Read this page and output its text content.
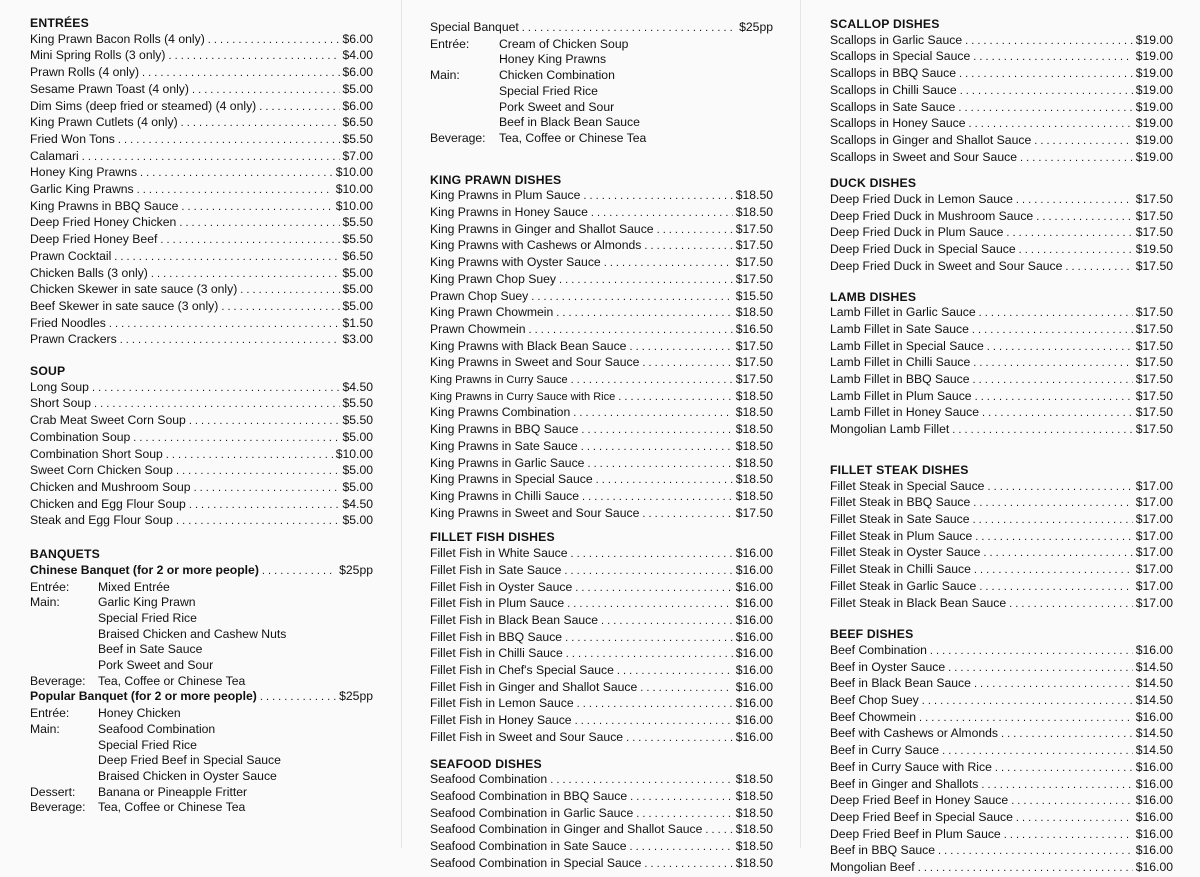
ENTRÉES
King Prawn Bacon Rolls (4 only) . . .	$6.00
Mini Spring Rolls (3 only) . . .	$4.00
Prawn Rolls (4 only) . . .	$6.00
Sesame Prawn Toast (4 only) . . .	$5.00
Dim Sims (deep fried or steamed) (4 only) . . .	$6.00
King Prawn Cutlets (4 only) . . .	$6.50
Fried Won Tons . . .	$5.50
Calamari . . .	$7.00
Honey King Prawns . . .	$10.00
Garlic King Prawns . . .	$10.00
King Prawns in BBQ Sauce . . .	$10.00
Deep Fried Honey Chicken . . .	$5.50
Deep Fried Honey Beef . . .	$5.50
Prawn Cocktail . . .	$6.50
Chicken Balls (3 only) . . .	$5.00
Chicken Skewer in sate sauce (3 only) . . .	$5.00
Beef Skewer in sate sauce (3 only) . . .	$5.00
Fried Noodles . . .	$1.50
Prawn Crackers . . .	$3.00
SOUP
Long Soup . . .	$4.50
Short Soup . . .	$5.50
Crab Meat Sweet Corn Soup . . .	$5.50
Combination Soup . . .	$5.00
Combination Short Soup . . .	$10.00
Sweet Corn Chicken Soup . . .	$5.00
Chicken and Mushroom Soup . . .	$5.00
Chicken and Egg Flour Soup . . .	$4.50
Steak and Egg Flour Soup . . .	$5.00
BANQUETS
Chinese Banquet (for 2 or more people) . . .	$25pp
Entrée:	Mixed Entrée
Main:	Garlic King Prawn
Special Fried Rice
Braised Chicken and Cashew Nuts
Beef in Sate Sauce
Pork Sweet and Sour
Beverage:	Tea, Coffee or Chinese Tea
Popular Banquet (for 2 or more people) . . .	$25pp
Entrée:	Honey Chicken
Main:	Seafood Combination
Special Fried Rice
Deep Fried Beef in Special Sauce
Braised Chicken in Oyster Sauce
Dessert:	Banana or Pineapple Fritter
Beverage:	Tea, Coffee or Chinese Tea
Special Banquet . . .	$25pp
Entrée:	Cream of Chicken Soup
Honey King Prawns
Main:	Chicken Combination
Special Fried Rice
Pork Sweet and Sour
Beef in Black Bean Sauce
Beverage:	Tea, Coffee or Chinese Tea
KING PRAWN DISHES
King Prawns in Plum Sauce . . .	$18.50
King Prawns in Honey Sauce . . .	$18.50
King Prawns in Ginger and Shallot Sauce . . .	$17.50
King Prawns with Cashews or Almonds . . .	$17.50
King Prawns with Oyster Sauce . . .	$17.50
King Prawn Chop Suey . . .	$17.50
Prawn Chop Suey . . .	$15.50
King Prawn Chowmein . . .	$18.50
Prawn Chowmein . . .	$16.50
King Prawns with Black Bean Sauce . . .	$17.50
King Prawns in Sweet and Sour Sauce . . .	$17.50
King Prawns in Curry Sauce . . .	$17.50
King Prawns in Curry Sauce with Rice . . .	$18.50
King Prawns Combination . . .	$18.50
King Prawns in BBQ Sauce . . .	$18.50
King Prawns in Sate Sauce . . .	$18.50
King Prawns in Garlic Sauce . . .	$18.50
King Prawns in Special Sauce . . .	$18.50
King Prawns in Chilli Sauce . . .	$18.50
King Prawns in Sweet and Sour Sauce . . .	$17.50
FILLET FISH DISHES
Fillet Fish in White Sauce . . .	$16.00
Fillet Fish in Sate Sauce . . .	$16.00
Fillet Fish in Oyster Sauce . . .	$16.00
Fillet Fish in Plum Sauce . . .	$16.00
Fillet Fish in Black Bean Sauce . . .	$16.00
Fillet Fish in BBQ Sauce . . .	$16.00
Fillet Fish in Chilli Sauce . . .	$16.00
Fillet Fish in Chef's Special Sauce . . .	$16.00
Fillet Fish in Ginger and Shallot Sauce . . .	$16.00
Fillet Fish in Lemon Sauce . . .	$16.00
Fillet Fish in Honey Sauce . . .	$16.00
Fillet Fish in Sweet and Sour Sauce . . .	$16.00
SEAFOOD DISHES
Seafood Combination . . .	$18.50
Seafood Combination in BBQ Sauce . . .	$18.50
Seafood Combination in Garlic Sauce . . .	$18.50
Seafood Combination in Ginger and Shallot Sauce . . .	$18.50
Seafood Combination in Sate Sauce . . .	$18.50
Seafood Combination in Special Sauce . . .	$18.50
SCALLOP DISHES
Scallops in Garlic Sauce . . .	$19.00
Scallops in Special Sauce . . .	$19.00
Scallops in BBQ Sauce . . .	$19.00
Scallops in Chilli Sauce . . .	$19.00
Scallops in Sate Sauce . . .	$19.00
Scallops in Honey Sauce . . .	$19.00
Scallops in Ginger and Shallot Sauce . . .	$19.00
Scallops in Sweet and Sour Sauce . . .	$19.00
DUCK DISHES
Deep Fried Duck in Lemon Sauce . . .	$17.50
Deep Fried Duck in Mushroom Sauce . . .	$17.50
Deep Fried Duck in Plum Sauce . . .	$17.50
Deep Fried Duck in Special Sauce . . .	$19.50
Deep Fried Duck in Sweet and Sour Sauce . . .	$17.50
LAMB DISHES
Lamb Fillet in Garlic Sauce . . .	$17.50
Lamb Fillet in Sate Sauce . . .	$17.50
Lamb Fillet in Special Sauce . . .	$17.50
Lamb Fillet in Chilli Sauce . . .	$17.50
Lamb Fillet in BBQ Sauce . . .	$17.50
Lamb Fillet in Plum Sauce . . .	$17.50
Lamb Fillet in Honey Sauce . . .	$17.50
Mongolian Lamb Fillet . . .	$17.50
FILLET STEAK DISHES
Fillet Steak in Special Sauce . . .	$17.00
Fillet Steak in BBQ Sauce . . .	$17.00
Fillet Steak in Sate Sauce . . .	$17.00
Fillet Steak in Plum Sauce . . .	$17.00
Fillet Steak in Oyster Sauce . . .	$17.00
Fillet Steak in Chilli Sauce . . .	$17.00
Fillet Steak in Garlic Sauce . . .	$17.00
Fillet Steak in Black Bean Sauce . . .	$17.00
BEEF DISHES
Beef Combination . . .	$16.00
Beef in Oyster Sauce . . .	$14.50
Beef in Black Bean Sauce . . .	$14.50
Beef Chop Suey . . .	$14.50
Beef Chowmein . . .	$16.00
Beef with Cashews or Almonds . . .	$14.50
Beef in Curry Sauce . . .	$14.50
Beef in Curry Sauce with Rice . . .	$16.00
Beef in Ginger and Shallots . . .	$16.00
Deep Fried Beef in Honey Sauce . . .	$16.00
Deep Fried Beef in Special Sauce . . .	$16.00
Deep Fried Beef in Plum Sauce . . .	$16.00
Beef in BBQ Sauce . . .	$16.00
Mongolian Beef . . .	$16.00
